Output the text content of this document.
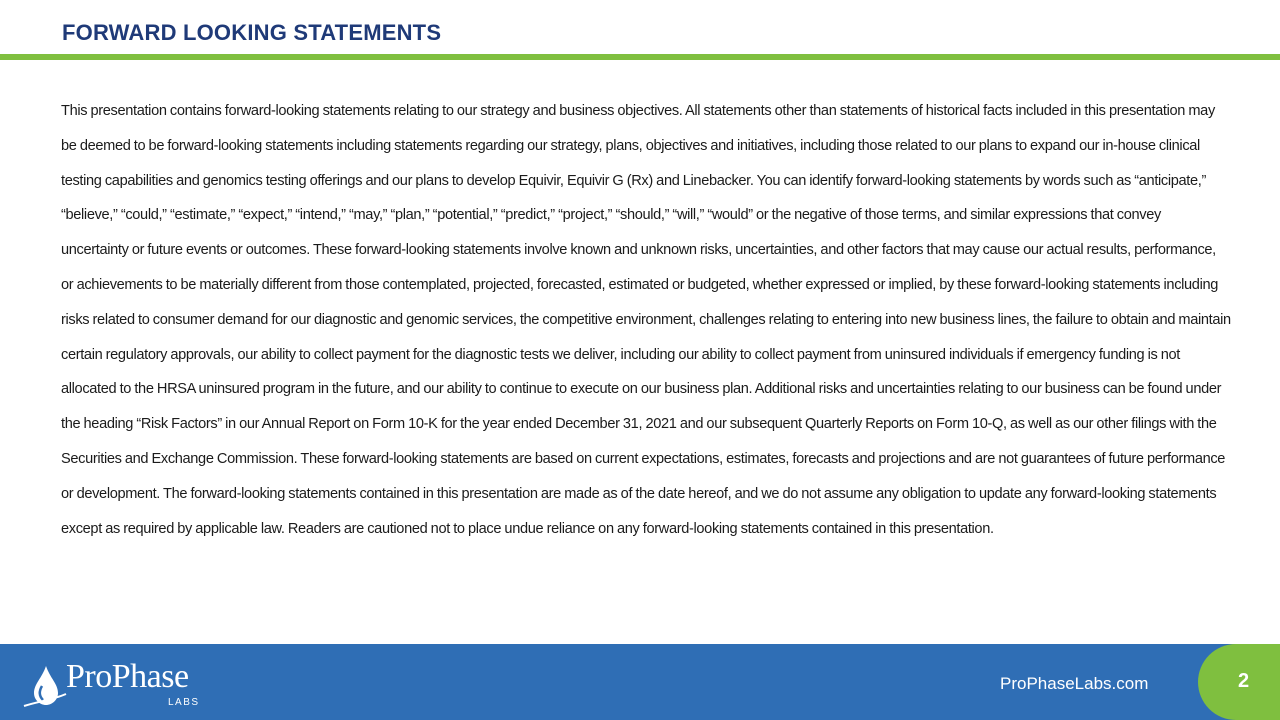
FORWARD LOOKING STATEMENTS
This presentation contains forward-looking statements relating to our strategy and business objectives. All statements other than statements of historical facts included in this presentation may be deemed to be forward-looking statements including statements regarding our strategy, plans, objectives and initiatives, including those related to our plans to expand our in-house clinical testing capabilities and genomics testing offerings and our plans to develop Equivir, Equivir G (Rx) and Linebacker. You can identify forward-looking statements by words such as “anticipate,” “believe,” “could,” “estimate,” “expect,” “intend,” “may,” “plan,” “potential,” “predict,” “project,” “should,” “will,” “would” or the negative of those terms, and similar expressions that convey uncertainty or future events or outcomes. These forward-looking statements involve known and unknown risks, uncertainties, and other factors that may cause our actual results, performance, or achievements to be materially different from those contemplated, projected, forecasted, estimated or budgeted, whether expressed or implied, by these forward-looking statements including risks related to consumer demand for our diagnostic and genomic services, the competitive environment, challenges relating to entering into new business lines, the failure to obtain and maintain certain regulatory approvals, our ability to collect payment for the diagnostic tests we deliver, including our ability to collect payment from uninsured individuals if emergency funding is not allocated to the HRSA uninsured program in the future, and our ability to continue to execute on our business plan. Additional risks and uncertainties relating to our business can be found under the heading “Risk Factors” in our Annual Report on Form 10-K for the year ended December 31, 2021 and our subsequent Quarterly Reports on Form 10-Q, as well as our other filings with the Securities and Exchange Commission. These forward-looking statements are based on current expectations, estimates, forecasts and projections and are not guarantees of future performance or development. The forward-looking statements contained in this presentation are made as of the date hereof, and we do not assume any obligation to update any forward-looking statements except as required by applicable law. Readers are cautioned not to place undue reliance on any forward-looking statements contained in this presentation.
ProPhase
LABS
ProPhaseLabs.com	2
